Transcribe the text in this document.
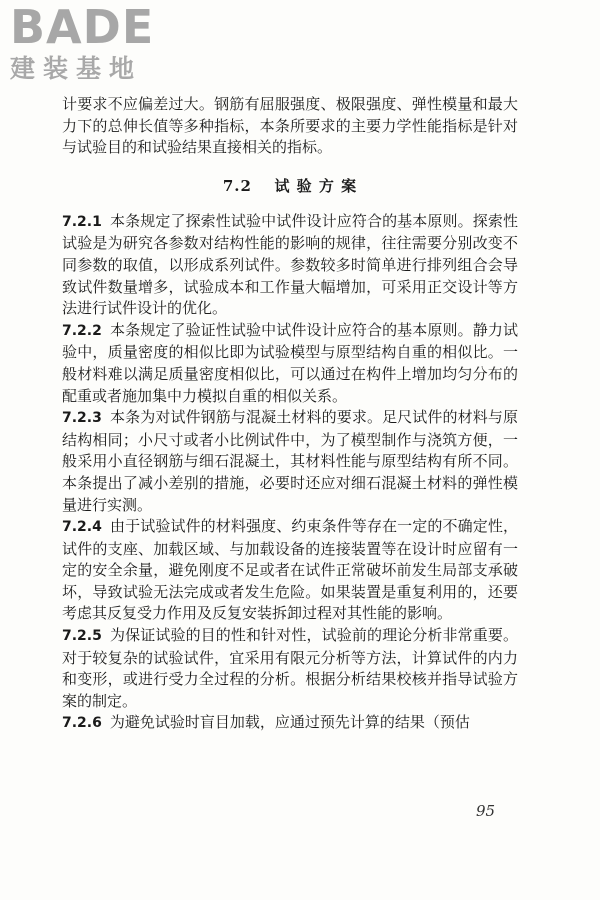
BADE
建装基地

计要求不应偏差过大。钢筋有屈服强度、极限强度、弹性模量和最大力下的总伸长值等多种指标，本条所要求的主要力学性能指标是针对与试验目的和试验结果直接相关的指标。

7.2 试 验 方 案

7.2.1 本条规定了探索性试验中试件设计应符合的基本原则。探索性试验是为研究各参数对结构性能的影响的规律，往往需要分别改变不同参数的取值，以形成系列试件。参数较多时简单进行排列组合会导致试件数量增多，试验成本和工作量大幅增加，可采用正交设计等方法进行试件设计的优化。

7.2.2 本条规定了验证性试验中试件设计应符合的基本原则。静力试验中，质量密度的相似比即为试验模型与原型结构自重的相似比。一般材料难以满足质量密度相似比，可以通过在构件上增加均匀分布的配重或者施加集中力模拟自重的相似关系。

7.2.3 本条为对试件钢筋与混凝土材料的要求。足尺试件的材料与原结构相同；小尺寸或者小比例试件中，为了模型制作与浇筑方便，一般采用小直径钢筋与细石混凝土，其材料性能与原型结构有所不同。本条提出了减小差别的措施，必要时还应对细石混凝土材料的弹性模量进行实测。

7.2.4 由于试验试件的材料强度、约束条件等存在一定的不确定性，试件的支座、加载区域、与加载设备的连接装置等在设计时应留有一定的安全余量，避免刚度不足或者在试件正常破坏前发生局部支承破坏，导致试验无法完成或者发生危险。如果装置是重复利用的，还要考虑其反复受力作用及反复安装拆卸过程对其性能的影响。

7.2.5 为保证试验的目的性和针对性，试验前的理论分析非常重要。对于较复杂的试验试件，宜采用有限元分析等方法，计算试件的内力和变形，或进行受力全过程的分析。根据分析结果校核并指导试验方案的制定。

7.2.6 为避免试验时盲目加载，应通过预先计算的结果（预估

95
